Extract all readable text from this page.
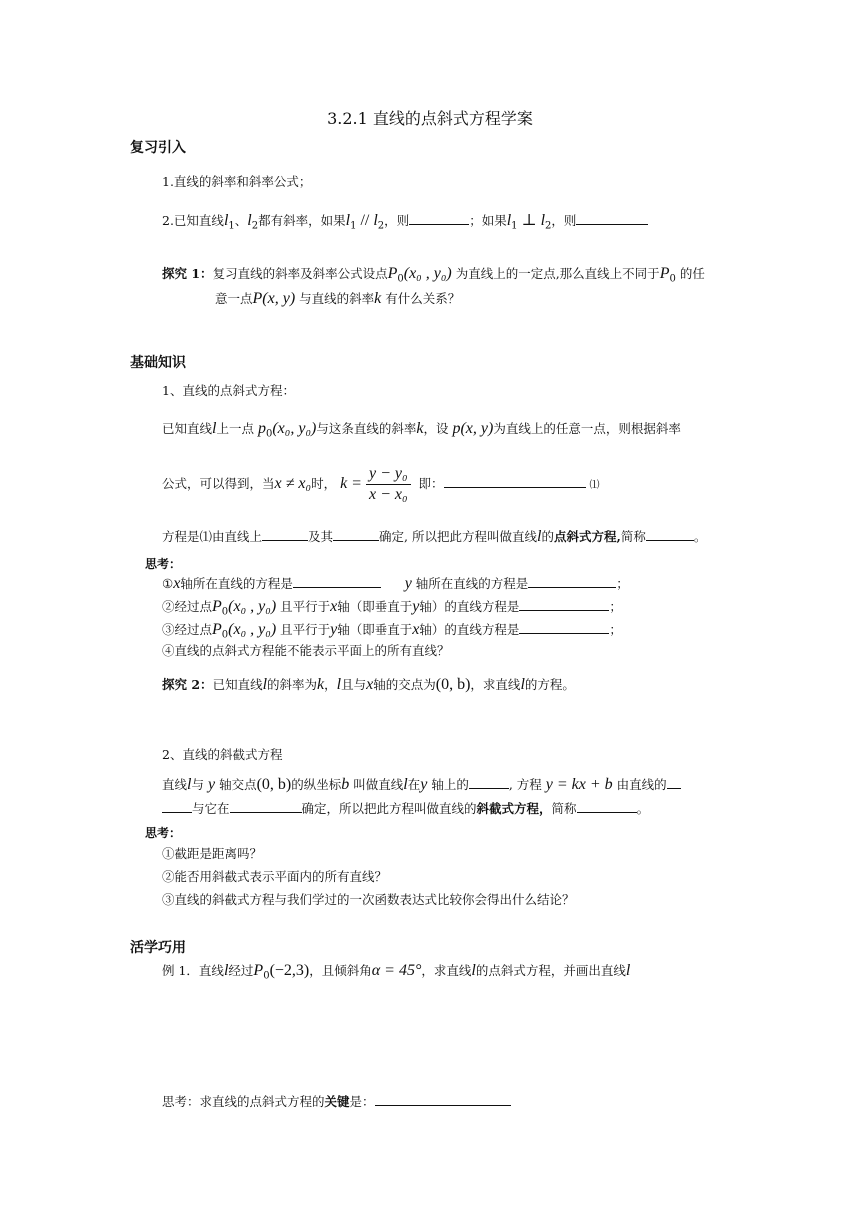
3.2.1 直线的点斜式方程学案
复习引入
1.直线的斜率和斜率公式；
2.已知直线$l_1$、$l_2$都有斜率，如果$l_1 // l_2$，则	；如果$l_1$ ⊥ $l_2$，则
探究 1：复习直线的斜率及斜率公式设点$P_0(x_0$ , y₀) 为直线上的一定点,那么直线上不同于$P_0$ 的任
意一点P(x, y) 与直线的斜率k 有什么关系？
基础知识
1、直线的点斜式方程：
已知直线l上一点 $p_0(x_0$, y₀)与这条直线的斜率k，设 p(x, y)为直线上的任意一点，则根据斜率
公式，可以得到，当x ≠ x₀时， $k = \frac{\text{y − y₀}}{\text{x − x₀}}$ 即：	⑴
方程是⑴由直线上	及其	确定, 所以把此方程叫做直线l的点斜式方程,简称	。
思考：
①x轴所在直线的方程是	y 轴所在直线的方程是	；
②经过点$P_0(x_0$ , y₀) 且平行于x轴（即垂直于y轴）的直线方程是	；
③经过点$P_0(x_0$ , y₀) 且平行于y轴（即垂直于x轴）的直线方程是	；
④直线的点斜式方程能不能表示平面上的所有直线？
探究 2：已知直线l的斜率为k，l且与x轴的交点为(0, b)，求直线l的方程。
2、直线的斜截式方程
直线l与 y 轴交点(0, b)的纵坐标b 叫做直线l在y 轴上的	, 方程 y = kx + b 由直线的
与它在	确定，所以把此方程叫做直线的斜截式方程，简称	。
思考：
①截距是距离吗？
②能否用斜截式表示平面内的所有直线？
③直线的斜截式方程与我们学过的一次函数表达式比较你会得出什么结论？
活学巧用
例 1．直线l经过$P_0(-2,3)$，且倾斜角α = 45°，求直线l的点斜式方程，并画出直线l
思考：求直线的点斜式方程的关键是：
